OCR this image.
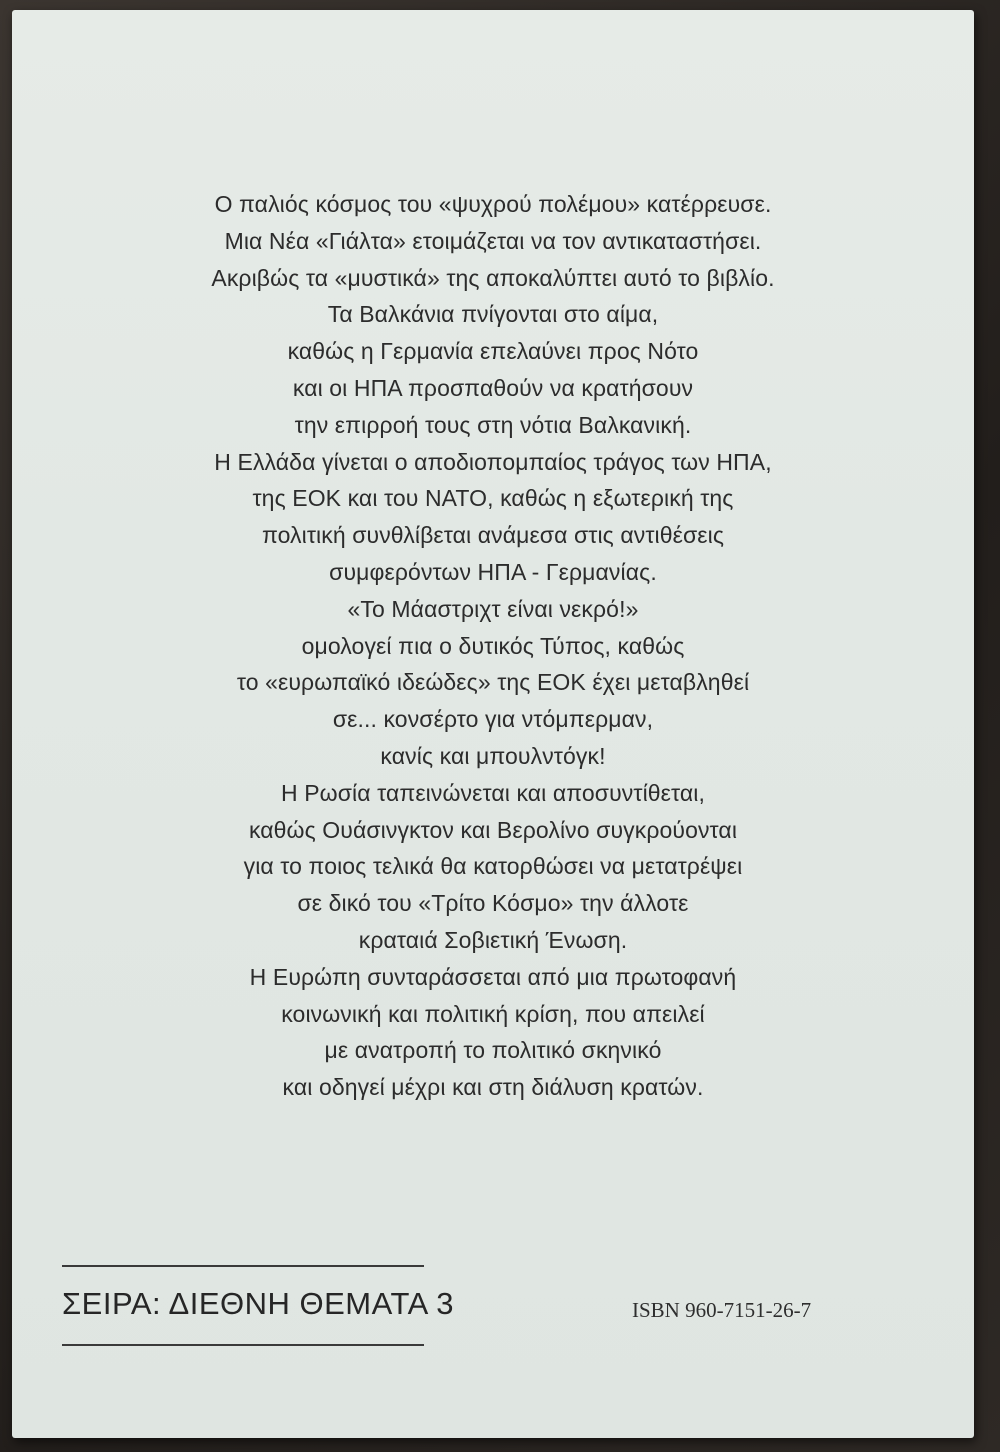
Ο παλιός κόσμος του «ψυχρού πολέμου» κατέρρευσε.
Μια Νέα «Γιάλτα» ετοιμάζεται να τον αντικαταστήσει.
Ακριβώς τα «μυστικά» της αποκαλύπτει αυτό το βιβλίο.
Τα Βαλκάνια πνίγονται στο αίμα,
καθώς η Γερμανία επελαύνει προς Νότο
και οι ΗΠΑ προσπαθούν να κρατήσουν
την επιρροή τους στη νότια Βαλκανική.
Η Ελλάδα γίνεται ο αποδιοπομπαίος τράγος των ΗΠΑ,
της ΕΟΚ και του ΝΑΤΟ, καθώς η εξωτερική της
πολιτική συνθλίβεται ανάμεσα στις αντιθέσεις
συμφερόντων ΗΠΑ - Γερμανίας.
«Το Μάαστριχτ είναι νεκρό!»
ομολογεί πια ο δυτικός Τύπος, καθώς
το «ευρωπαϊκό ιδεώδες» της ΕΟΚ έχει μεταβληθεί
σε... κονσέρτο για ντόμπερμαν,
κανίς και μπουλντόγκ!
Η Ρωσία ταπεινώνεται και αποσυντίθεται,
καθώς Ουάσινγκτον και Βερολίνο συγκρούονται
για το ποιος τελικά θα κατορθώσει να μετατρέψει
σε δικό του «Τρίτο Κόσμο» την άλλοτε
κραταιά Σοβιετική Ένωση.
Η Ευρώπη συνταράσσεται από μια πρωτοφανή
κοινωνική και πολιτική κρίση, που απειλεί
με ανατροπή το πολιτικό σκηνικό
και οδηγεί μέχρι και στη διάλυση κρατών.
ΣΕΙΡΑ: ΔΙΕΘΝΗ ΘΕΜΑΤΑ 3	ISBN 960-7151-26-7
